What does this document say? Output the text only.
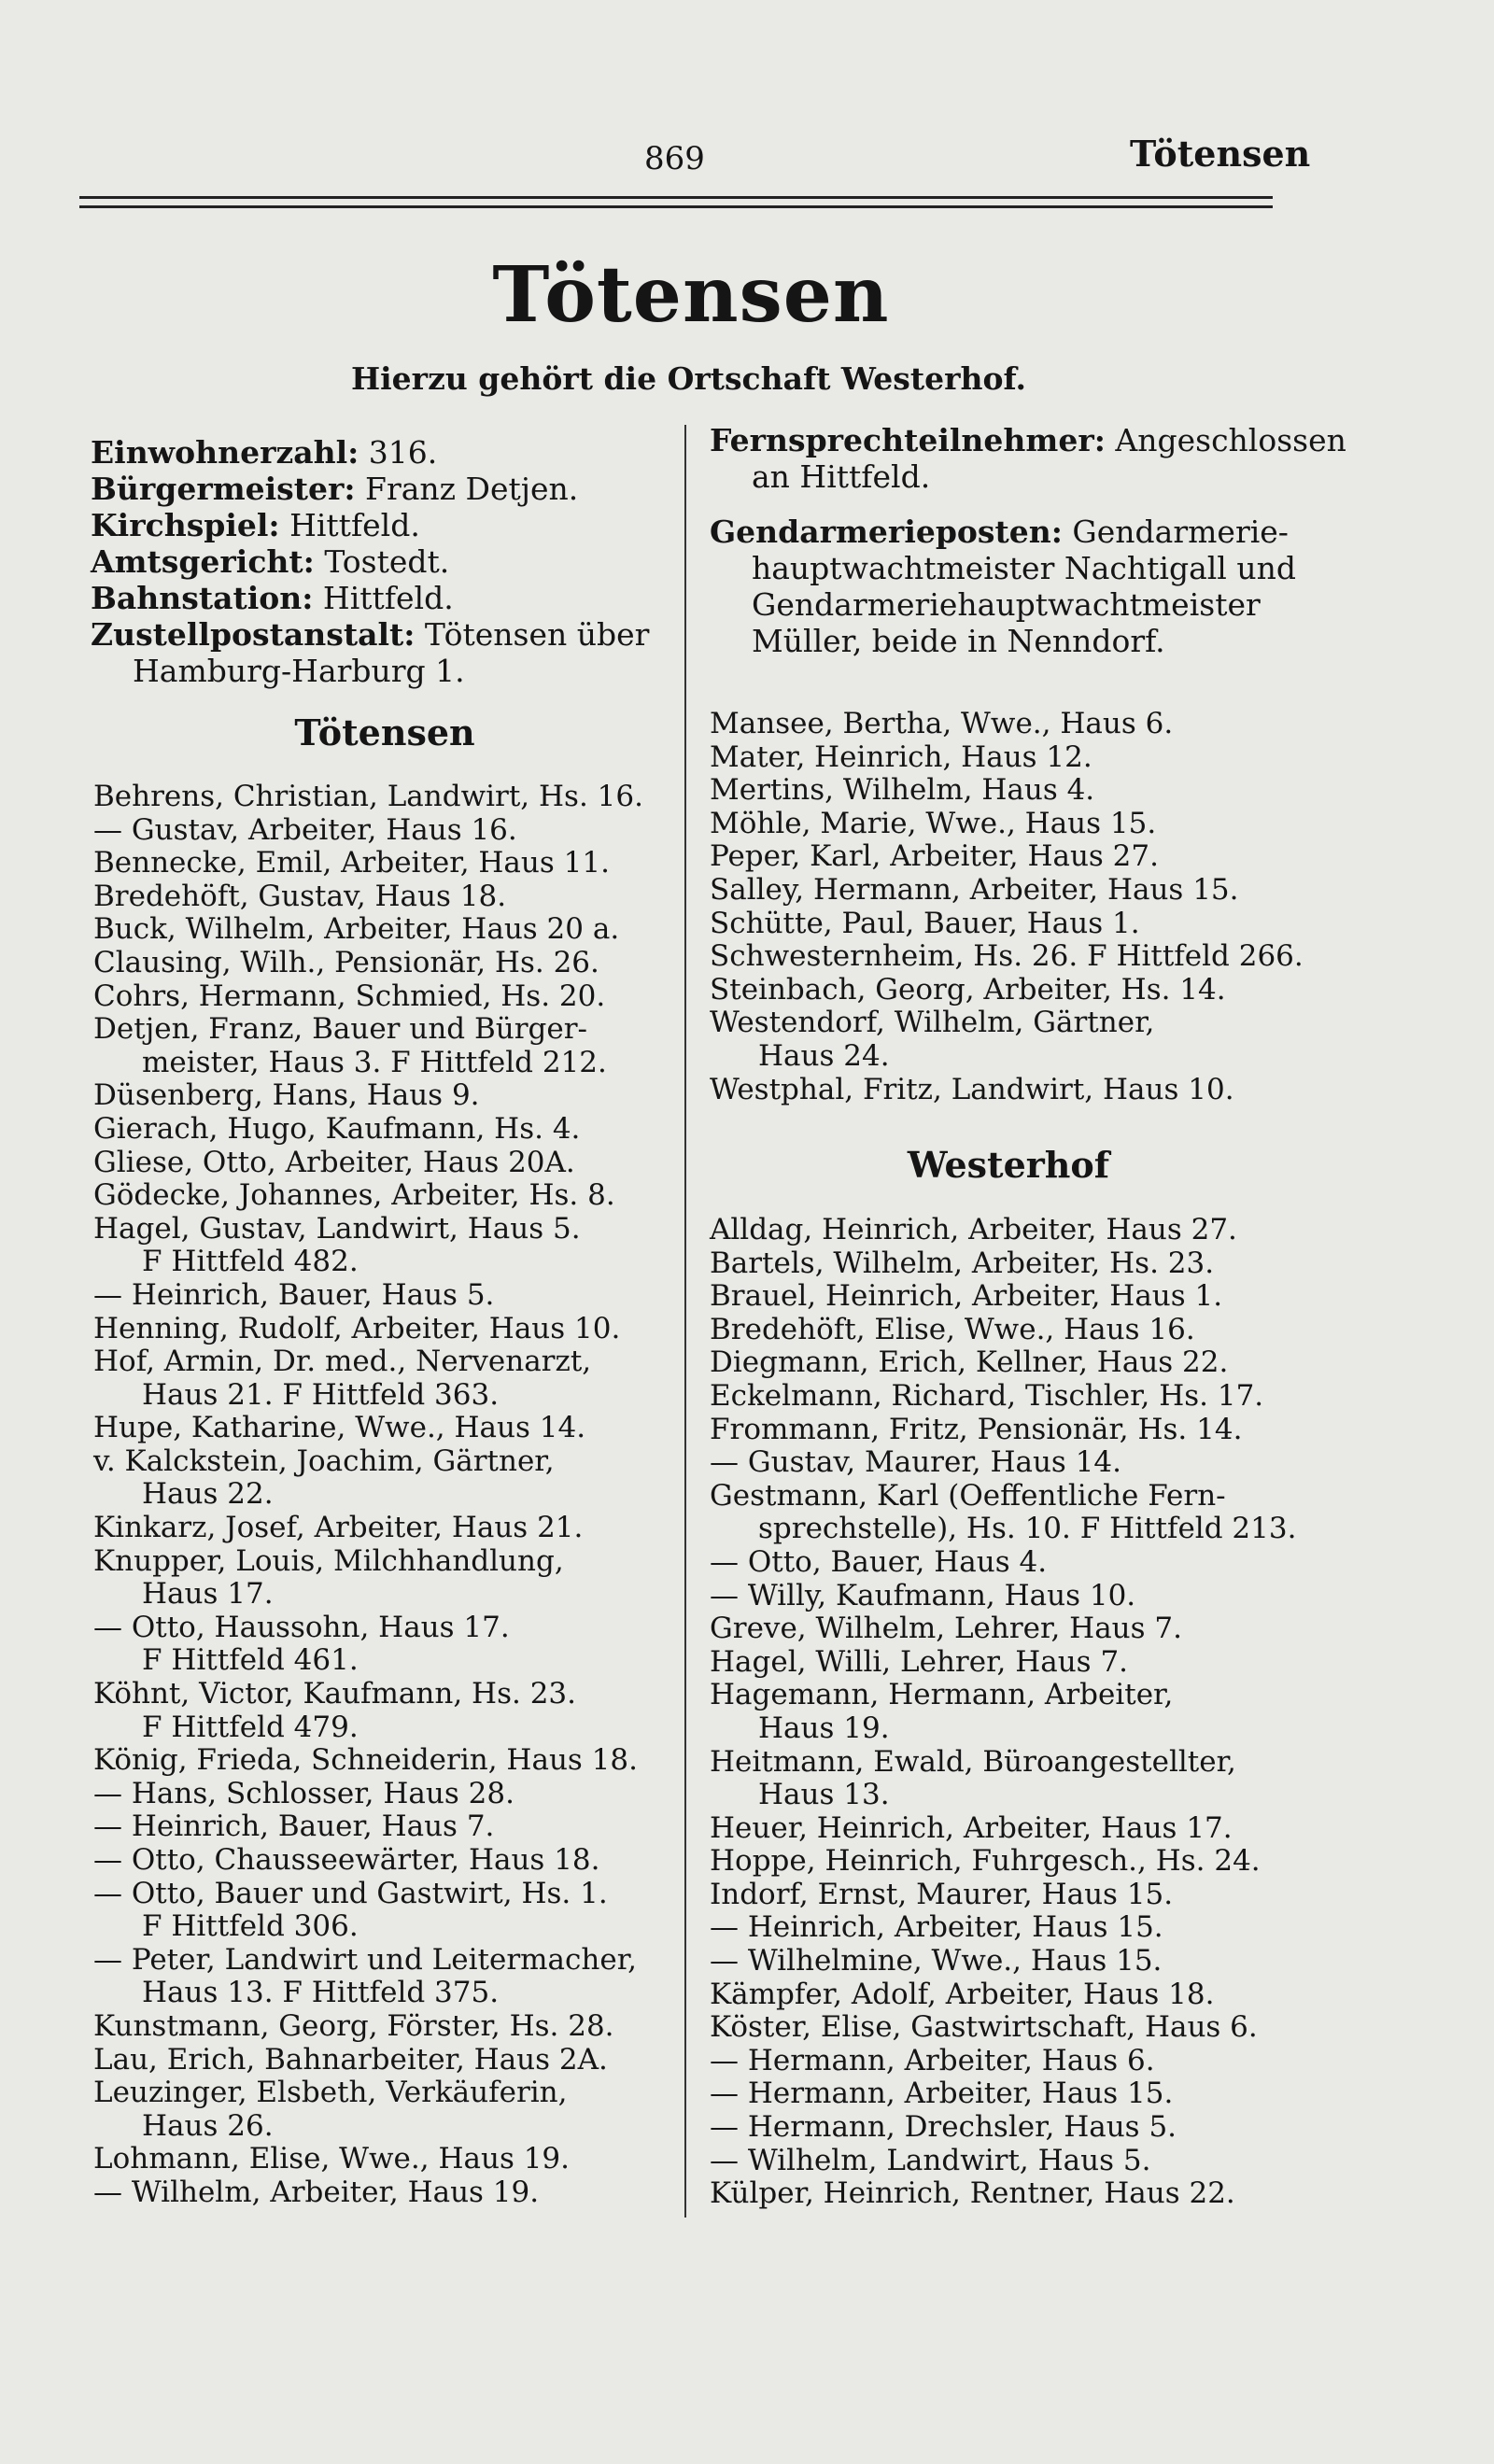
869	Tötensen
Tötensen
Hierzu gehört die Ortschaft Westerhof.
Einwohnerzahl: 316.
Bürgermeister: Franz Detjen.
Kirchspiel: Hittfeld.
Amtsgericht: Tostedt.
Bahnstation: Hittfeld.
Zustellpostanstalt: Tötensen über
Hamburg-Harburg 1.
Fernsprechteilnehmer: Angeschlossen
an Hittfeld.
Gendarmerieposten: Gendarmerie-
hauptwachtmeister Nachtigall und
Gendarmeriehauptwachtmeister
Müller, beide in Nenndorf.
Tötensen
Behrens, Christian, Landwirt, Hs. 16.
— Gustav, Arbeiter, Haus 16.
Bennecke, Emil, Arbeiter, Haus 11.
Bredehöft, Gustav, Haus 18.
Buck, Wilhelm, Arbeiter, Haus 20 a.
Clausing, Wilh., Pensionär, Hs. 26.
Cohrs, Hermann, Schmied, Hs. 20.
Detjen, Franz, Bauer und Bürger-
meister, Haus 3. F Hittfeld 212.
Düsenberg, Hans, Haus 9.
Gierach, Hugo, Kaufmann, Hs. 4.
Gliese, Otto, Arbeiter, Haus 20A.
Gödecke, Johannes, Arbeiter, Hs. 8.
Hagel, Gustav, Landwirt, Haus 5.
F Hittfeld 482.
— Heinrich, Bauer, Haus 5.
Henning, Rudolf, Arbeiter, Haus 10.
Hof, Armin, Dr. med., Nervenarzt,
Haus 21. F Hittfeld 363.
Hupe, Katharine, Wwe., Haus 14.
v. Kalckstein, Joachim, Gärtner,
Haus 22.
Kinkarz, Josef, Arbeiter, Haus 21.
Knupper, Louis, Milchhandlung,
Haus 17.
— Otto, Haussohn, Haus 17.
F Hittfeld 461.
Köhnt, Victor, Kaufmann, Hs. 23.
F Hittfeld 479.
König, Frieda, Schneiderin, Haus 18.
— Hans, Schlosser, Haus 28.
— Heinrich, Bauer, Haus 7.
— Otto, Chausseewärter, Haus 18.
— Otto, Bauer und Gastwirt, Hs. 1.
F Hittfeld 306.
— Peter, Landwirt und Leitermacher,
Haus 13. F Hittfeld 375.
Kunstmann, Georg, Förster, Hs. 28.
Lau, Erich, Bahnarbeiter, Haus 2A.
Leuzinger, Elsbeth, Verkäuferin,
Haus 26.
Lohmann, Elise, Wwe., Haus 19.
— Wilhelm, Arbeiter, Haus 19.
Mansee, Bertha, Wwe., Haus 6.
Mater, Heinrich, Haus 12.
Mertins, Wilhelm, Haus 4.
Möhle, Marie, Wwe., Haus 15.
Peper, Karl, Arbeiter, Haus 27.
Salley, Hermann, Arbeiter, Haus 15.
Schütte, Paul, Bauer, Haus 1.
Schwesternheim, Hs. 26. F Hittfeld 266.
Steinbach, Georg, Arbeiter, Hs. 14.
Westendorf, Wilhelm, Gärtner,
Haus 24.
Westphal, Fritz, Landwirt, Haus 10.
Westerhof
Alldag, Heinrich, Arbeiter, Haus 27.
Bartels, Wilhelm, Arbeiter, Hs. 23.
Brauel, Heinrich, Arbeiter, Haus 1.
Bredehöft, Elise, Wwe., Haus 16.
Diegmann, Erich, Kellner, Haus 22.
Eckelmann, Richard, Tischler, Hs. 17.
Frommann, Fritz, Pensionär, Hs. 14.
— Gustav, Maurer, Haus 14.
Gestmann, Karl (Oeffentliche Fern-
sprechstelle), Hs. 10. F Hittfeld 213.
— Otto, Bauer, Haus 4.
— Willy, Kaufmann, Haus 10.
Greve, Wilhelm, Lehrer, Haus 7.
Hagel, Willi, Lehrer, Haus 7.
Hagemann, Hermann, Arbeiter,
Haus 19.
Heitmann, Ewald, Büroangestellter,
Haus 13.
Heuer, Heinrich, Arbeiter, Haus 17.
Hoppe, Heinrich, Fuhrgesch., Hs. 24.
Indorf, Ernst, Maurer, Haus 15.
— Heinrich, Arbeiter, Haus 15.
— Wilhelmine, Wwe., Haus 15.
Kämpfer, Adolf, Arbeiter, Haus 18.
Köster, Elise, Gastwirtschaft, Haus 6.
— Hermann, Arbeiter, Haus 6.
— Hermann, Arbeiter, Haus 15.
— Hermann, Drechsler, Haus 5.
— Wilhelm, Landwirt, Haus 5.
Külper, Heinrich, Rentner, Haus 22.
